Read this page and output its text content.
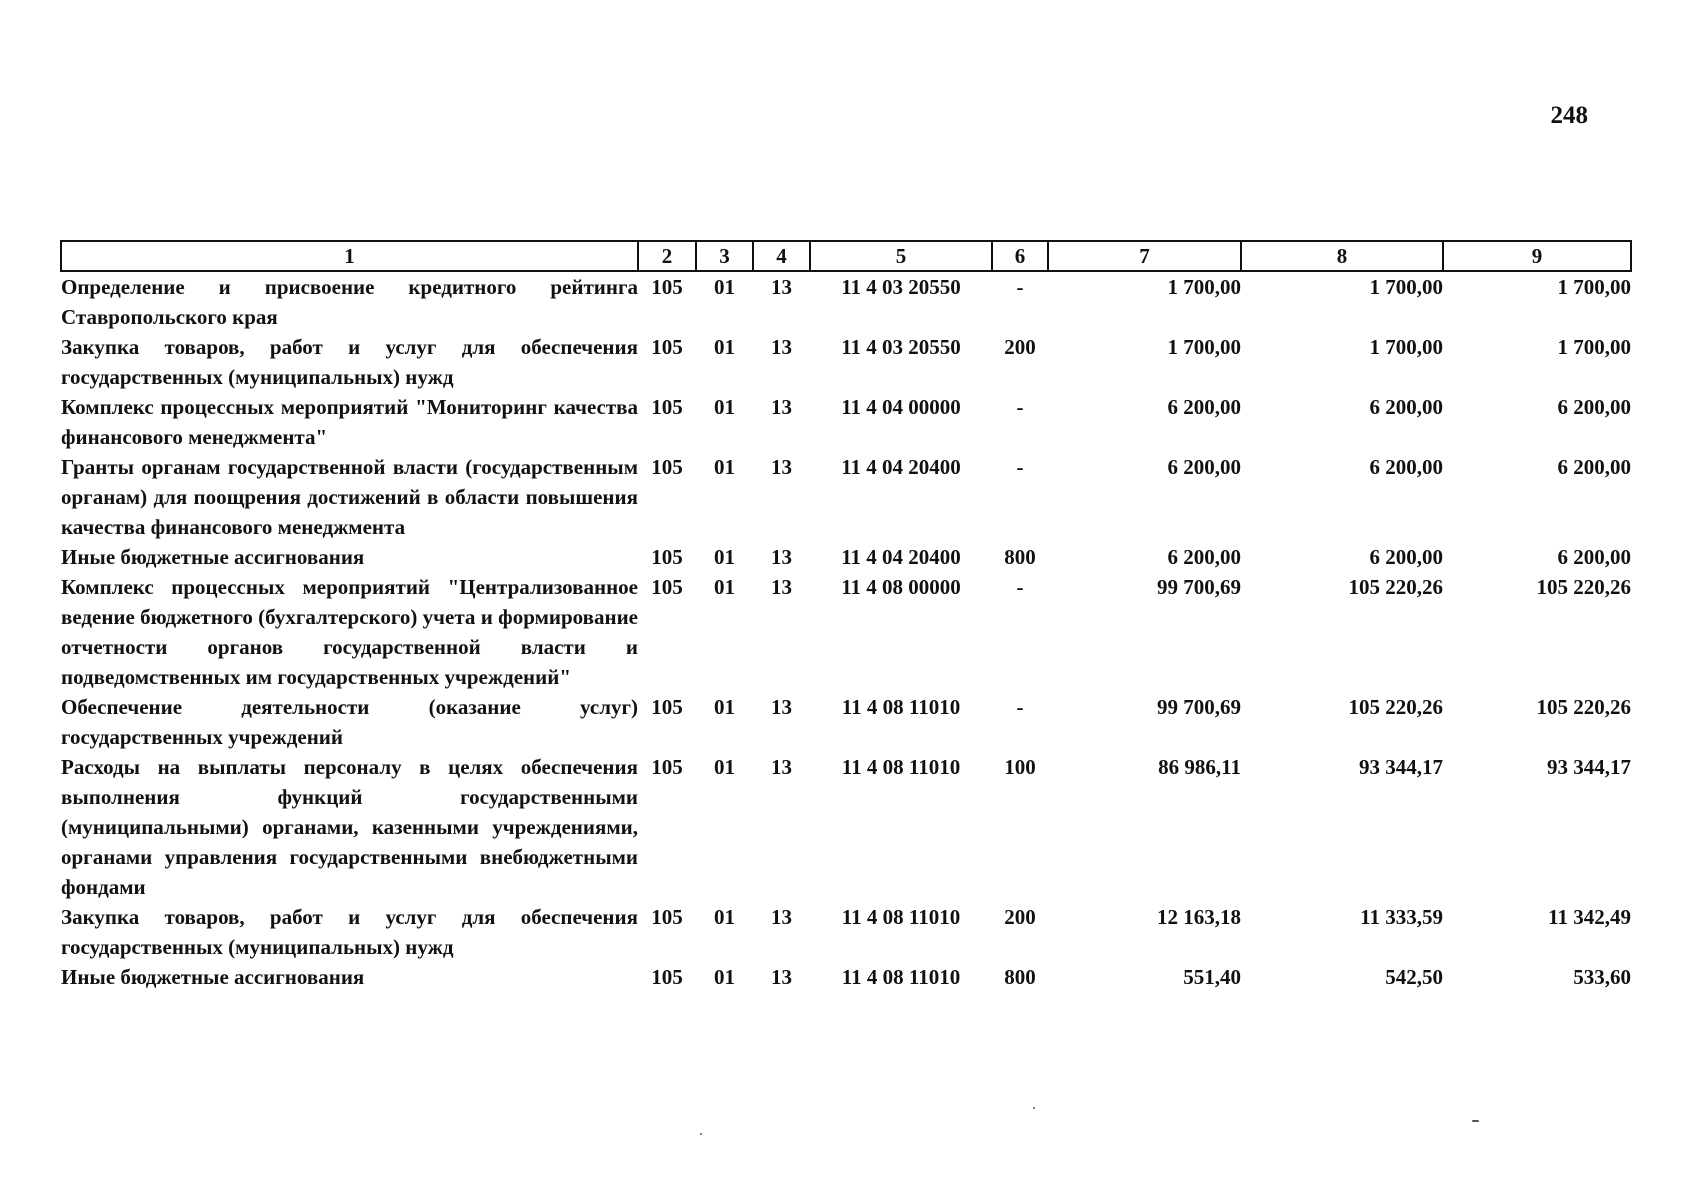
248
1	2	3	4	5	6	7	8	9
Определение и присвоение кредитного рейтинга Ставропольского края	105	01	13	11 4 03 20550	-	1 700,00	1 700,00	1 700,00
Закупка товаров, работ и услуг для обеспечения государственных (муниципальных) нужд	105	01	13	11 4 03 20550	200	1 700,00	1 700,00	1 700,00
Комплекс процессных мероприятий "Мониторинг качества финансового менеджмента"	105	01	13	11 4 04 00000	-	6 200,00	6 200,00	6 200,00
Гранты органам государственной власти (государственным органам) для поощрения достижений в области повышения качества финансового менеджмента	105	01	13	11 4 04 20400	-	6 200,00	6 200,00	6 200,00
Иные бюджетные ассигнования	105	01	13	11 4 04 20400	800	6 200,00	6 200,00	6 200,00
Комплекс процессных мероприятий "Централизованное ведение бюджетного (бухгалтерского) учета и формирование отчетности органов государственной власти и подведомственных им государственных учреждений"	105	01	13	11 4 08 00000	-	99 700,69	105 220,26	105 220,26
Обеспечение деятельности (оказание услуг) государственных учреждений	105	01	13	11 4 08 11010	-	99 700,69	105 220,26	105 220,26
Расходы на выплаты персоналу в целях обеспечения выполнения функций государственными (муниципальными) органами, казенными учреждениями, органами управления государственными внебюджетными фондами	105	01	13	11 4 08 11010	100	86 986,11	93 344,17	93 344,17
Закупка товаров, работ и услуг для обеспечения государственных (муниципальных) нужд	105	01	13	11 4 08 11010	200	12 163,18	11 333,59	11 342,49
Иные бюджетные ассигнования	105	01	13	11 4 08 11010	800	551,40	542,50	533,60
